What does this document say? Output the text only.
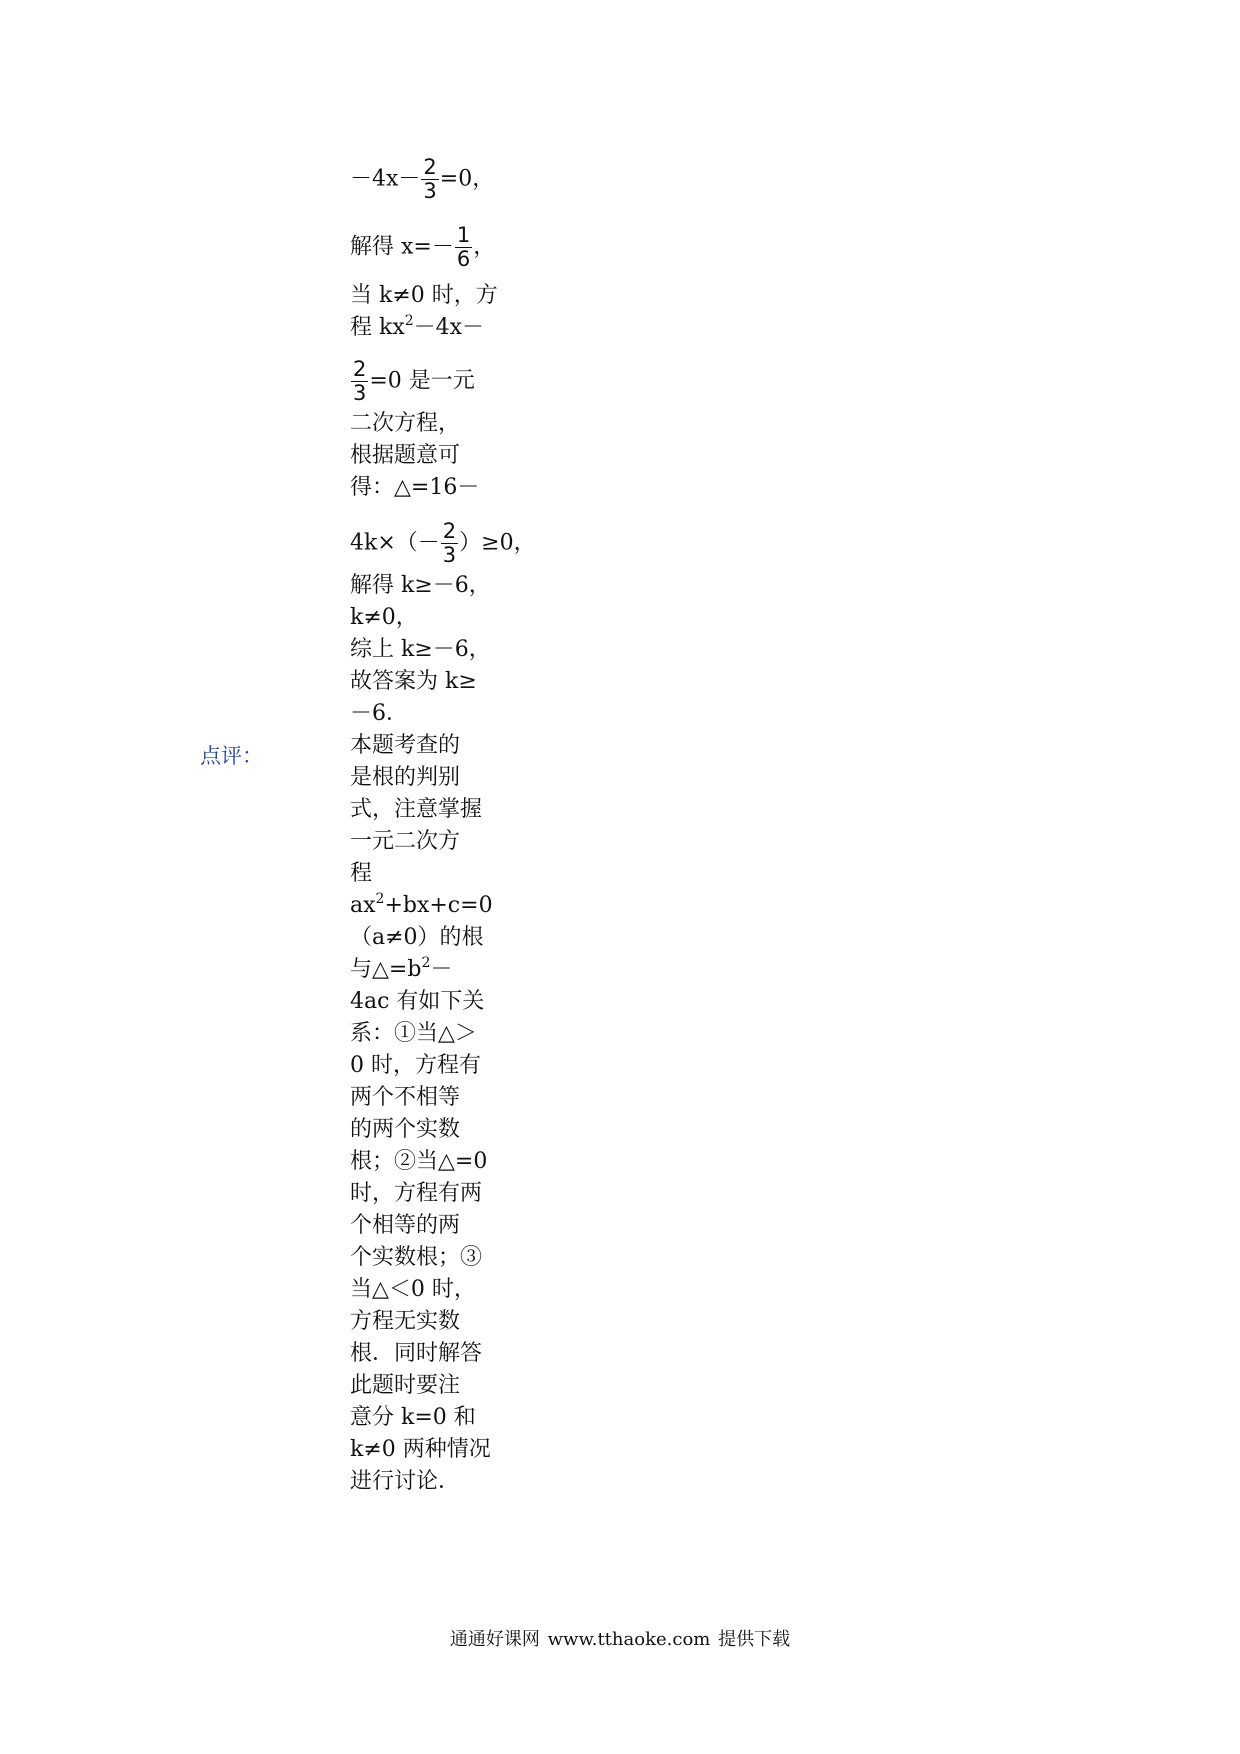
$-4x- \frac{2}{3} =0$，
解得 $x=- \frac{1}{6}$ ，
当 k≠0 时，方
程 $kx^2-4x-$
$\frac{2}{3} =0$ 是一元
二次方程，
根据题意可
得：△=16－
$4k\times(- \frac{2}{3} )\ge 0$，
解得 k≥－6，
k≠0，
综上 k≥－6，
故答案为 k≥
－6．
点评：	本题考查的
是根的判别
式，注意掌握
一元二次方
程
$ax^2+bx+c=0$
（a≠0）的根
与$\triangle=b^2-$
4ac 有如下关
系：①当△＞
0 时，方程有
两个不相等
的两个实数
根；②当△=0
时，方程有两
个相等的两
个实数根；③
当△＜0 时，
方程无实数
根．同时解答
此题时要注
意分 k=0 和
k≠0 两种情况
进行讨论．
通通好课网 www.tthaoke.com 提供下载
